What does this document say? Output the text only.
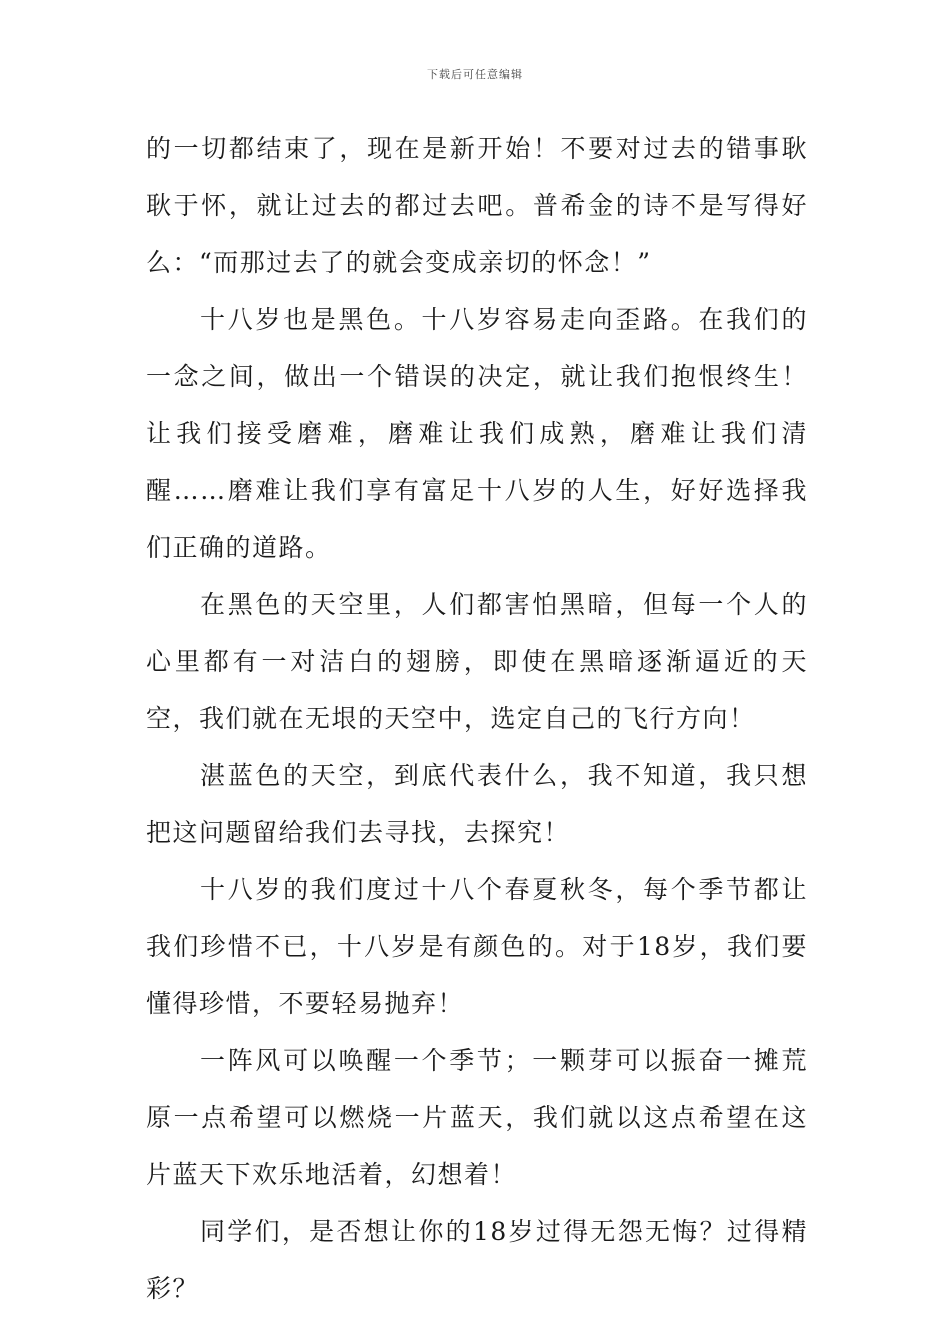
下载后可任意编辑

的一切都结束了，现在是新开始！不要对过去的错事耿耿于怀，就让过去的都过去吧。普希金的诗不是写得好么：“而那过去了的就会变成亲切的怀念！”

十八岁也是黑色。十八岁容易走向歪路。在我们的一念之间，做出一个错误的决定，就让我们抱恨终生！让我们接受磨难，磨难让我们成熟，磨难让我们清醒……磨难让我们享有富足十八岁的人生，好好选择我们正确的道路。

在黑色的天空里，人们都害怕黑暗，但每一个人的心里都有一对洁白的翅膀，即使在黑暗逐渐逼近的天空，我们就在无垠的天空中，选定自己的飞行方向！

湛蓝色的天空，到底代表什么，我不知道，我只想把这问题留给我们去寻找，去探究！

十八岁的我们度过十八个春夏秋冬，每个季节都让我们珍惜不已，十八岁是有颜色的。对于18岁，我们要懂得珍惜，不要轻易抛弃！

一阵风可以唤醒一个季节；一颗芽可以振奋一摊荒原一点希望可以燃烧一片蓝天，我们就以这点希望在这片蓝天下欢乐地活着，幻想着！

同学们，是否想让你的18岁过得无怨无悔？过得精彩？
